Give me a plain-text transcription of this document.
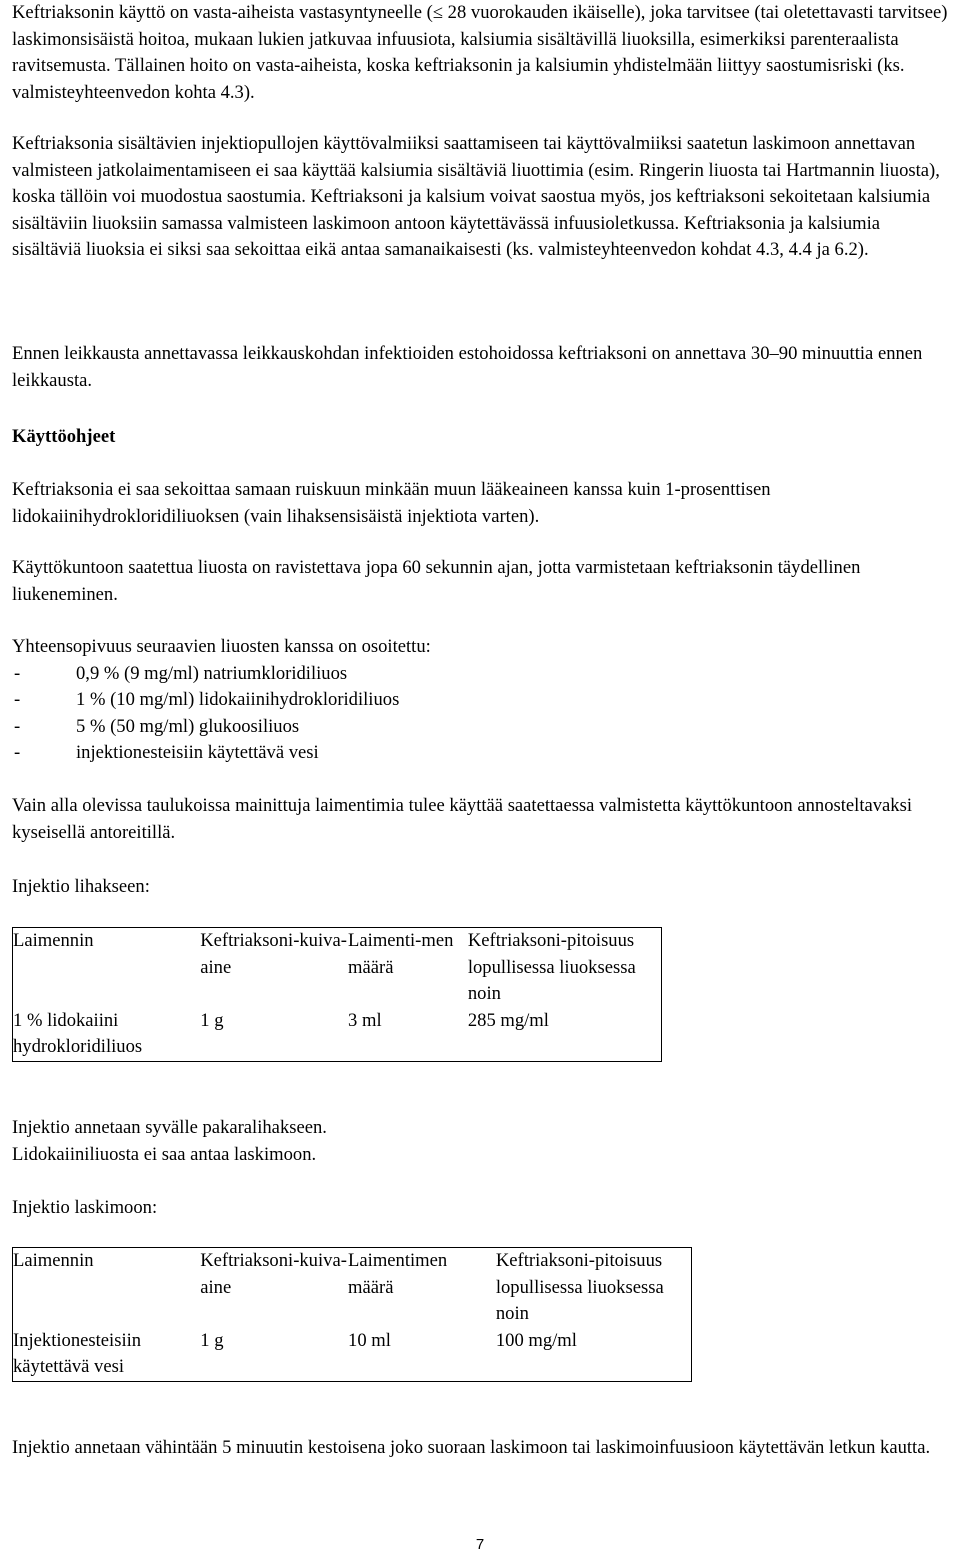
Keftriaksonin käyttö on vasta-aiheista vastasyntyneelle (≤ 28 vuorokauden ikäiselle), joka tarvitsee (tai oletettavasti tarvitsee) laskimonsisäistä hoitoa, mukaan lukien jatkuvaa infuusiota, kalsiumia sisältävillä liuoksilla, esimerkiksi parenteraalista ravitsemusta. Tällainen hoito on vasta-aiheista, koska keftriaksonin ja kalsiumin yhdistelmään liittyy saostumisriski (ks. valmisteyhteenvedon kohta 4.3).

Keftriaksonia sisältävien injektiopullojen käyttövalmiiksi saattamiseen tai käyttövalmiiksi saatetun laskimoon annettavan valmisteen jatkolaimentamiseen ei saa käyttää kalsiumia sisältäviä liuottimia (esim. Ringerin liuosta tai Hartmannin liuosta), koska tällöin voi muodostua saostumia. Keftriaksoni ja kalsium voivat saostua myös, jos keftriaksoni sekoitetaan kalsiumia sisältäviin liuoksiin samassa valmisteen laskimoon antoon käytettävässä infuusioletkussa. Keftriaksonia ja kalsiumia sisältäviä liuoksia ei siksi saa sekoittaa eikä antaa samanaikaisesti (ks. valmisteyhteenvedon kohdat 4.3, 4.4 ja 6.2).

Ennen leikkausta annettavassa leikkauskohdan infektioiden estohoidossa keftriaksoni on annettava 30–90 minuuttia ennen leikkausta.

Käyttöohjeet

Keftriaksonia ei saa sekoittaa samaan ruiskuun minkään muun lääkeaineen kanssa kuin 1-prosenttisen lidokaiinihydrokloridiliuoksen (vain lihaksensisäistä injektiota varten).

Käyttökuntoon saatettua liuosta on ravistettava jopa 60 sekunnin ajan, jotta varmistetaan keftriaksonin täydellinen liukeneminen.

Yhteensopivuus seuraavien liuosten kanssa on osoitettu:

- 0,9 % (9 mg/ml) natriumkloridiliuos
- 1 % (10 mg/ml) lidokaiinihydrokloridiliuos
- 5 % (50 mg/ml) glukoosiliuos
- injektionesteisiin käytettävä vesi

Vain alla olevissa taulukoissa mainittuja laimentimia tulee käyttää saatettaessa valmistetta käyttökuntoon annosteltavaksi kyseisellä antoreitillä.

Injektio lihakseen:

Laimennin	Keftriaksoni-kuiva-aine	Laimenti-men määrä	Keftriaksoni-pitoisuus lopullisessa liuoksessa noin
1 % lidokaiini hydrokloridiliuos	1 g	3 ml	285 mg/ml

Injektio annetaan syvälle pakaralihakseen.

Lidokaiiniliuosta ei saa antaa laskimoon.

Injektio laskimoon:

Laimennin	Keftriaksoni-kuiva-aine	Laimentimen määrä	Keftriaksoni-pitoisuus lopullisessa liuoksessa noin
Injektionesteisiin käytettävä vesi	1 g	10 ml	100 mg/ml

Injektio annetaan vähintään 5 minuutin kestoisena joko suoraan laskimoon tai laskimoinfuusioon käytettävän letkun kautta.

7
